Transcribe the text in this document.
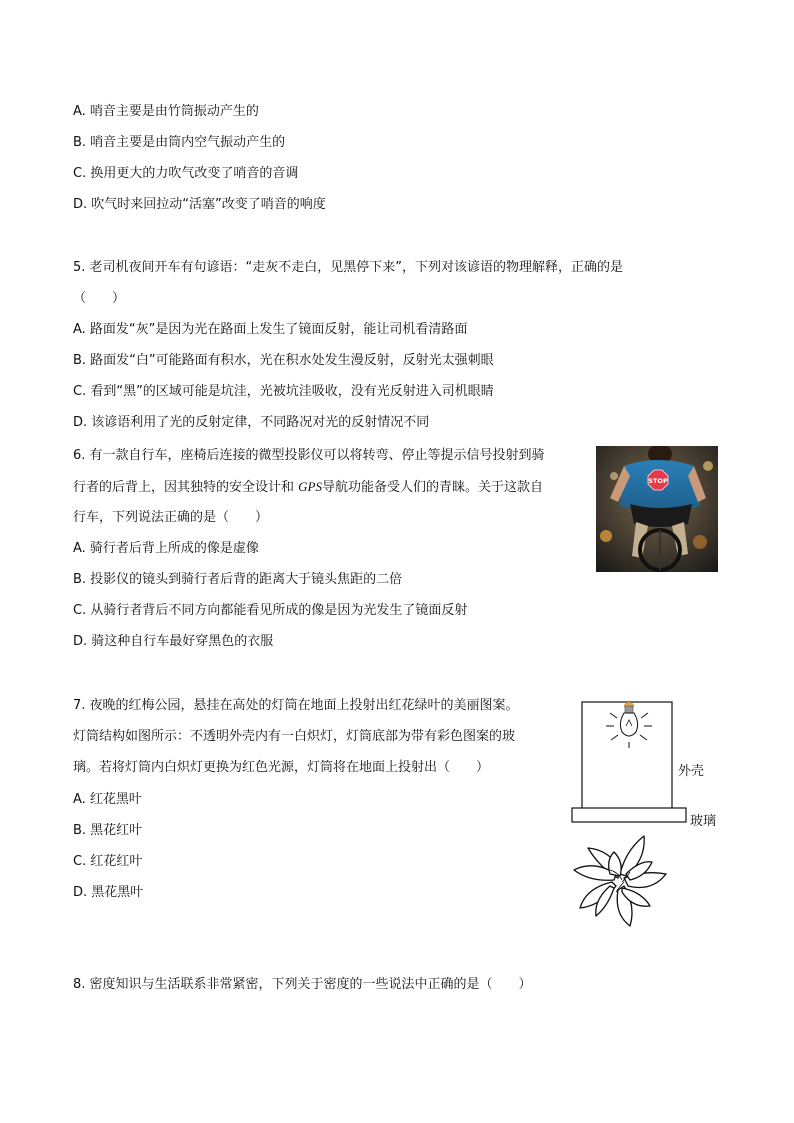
A. 哨音主要是由竹筒振动产生的
B. 哨音主要是由筒内空气振动产生的
C. 换用更大的力吹气改变了哨音的音调
D. 吹气时来回拉动“活塞”改变了哨音的响度
5. 老司机夜间开车有句谚语：“走灰不走白，见黑停下来”，下列对该谚语的物理解释，正确的是
（　　）
A. 路面发“灰”是因为光在路面上发生了镜面反射，能让司机看清路面
B. 路面发“白”可能路面有积水，光在积水处发生漫反射，反射光太强刺眼
C. 看到“黑”的区域可能是坑洼，光被坑洼吸收，没有光反射进入司机眼睛
D. 该谚语利用了光的反射定律，不同路况对光的反射情况不同
6. 有一款自行车，座椅后连接的微型投影仪可以将转弯、停止等提示信号投射到骑
行者的后背上，因其独特的安全设计和 GPS导航功能备受人们的青睐。关于这款自
行车，下列说法正确的是（　　）
A. 骑行者后背上所成的像是虚像
B. 投影仪的镜头到骑行者后背的距离大于镜头焦距的二倍
C. 从骑行者背后不同方向都能看见所成的像是因为光发生了镜面反射
D. 骑这种自行车最好穿黑色的衣服
STOP
7. 夜晚的红梅公园，悬挂在高处的灯筒在地面上投射出红花绿叶的美丽图案。
灯筒结构如图所示：不透明外壳内有一白炽灯，灯筒底部为带有彩色图案的玻
璃。若将灯筒内白炽灯更换为红色光源，灯筒将在地面上投射出（　　）
A. 红花黑叶
B. 黑花红叶
C. 红花红叶
D. 黑花黑叶
外壳
玻璃
8. 密度知识与生活联系非常紧密，下列关于密度的一些说法中正确的是（　　）
